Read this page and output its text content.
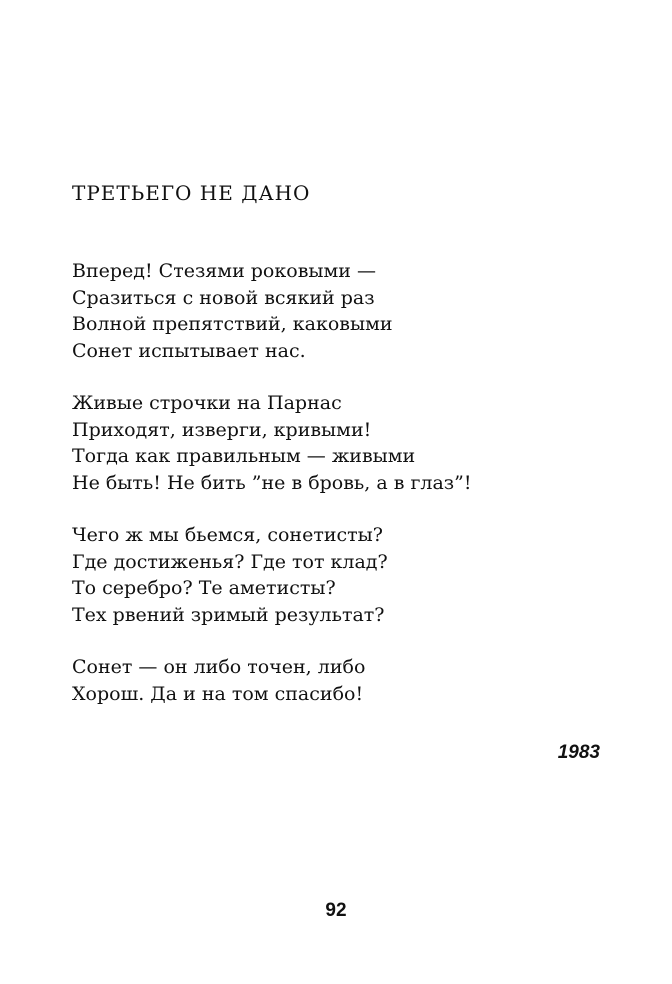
ТРЕТЬЕГО НЕ ДАНО
Вперед! Стезями роковыми —
Сразиться с новой всякий раз
Волной препятствий, каковыми
Сонет испытывает нас.
Живые строчки на Парнас
Приходят, изверги, кривыми!
Тогда как правильным — живыми
Не быть! Не бить ”не в бровь, а в глаз”!
Чего ж мы бьемся, сонетисты?
Где достиженья? Где тот клад?
То серебро? Те аметисты?
Тех рвений зримый результат?
Сонет — он либо точен, либо
Хорош. Да и на том спасибо!
1983
92
